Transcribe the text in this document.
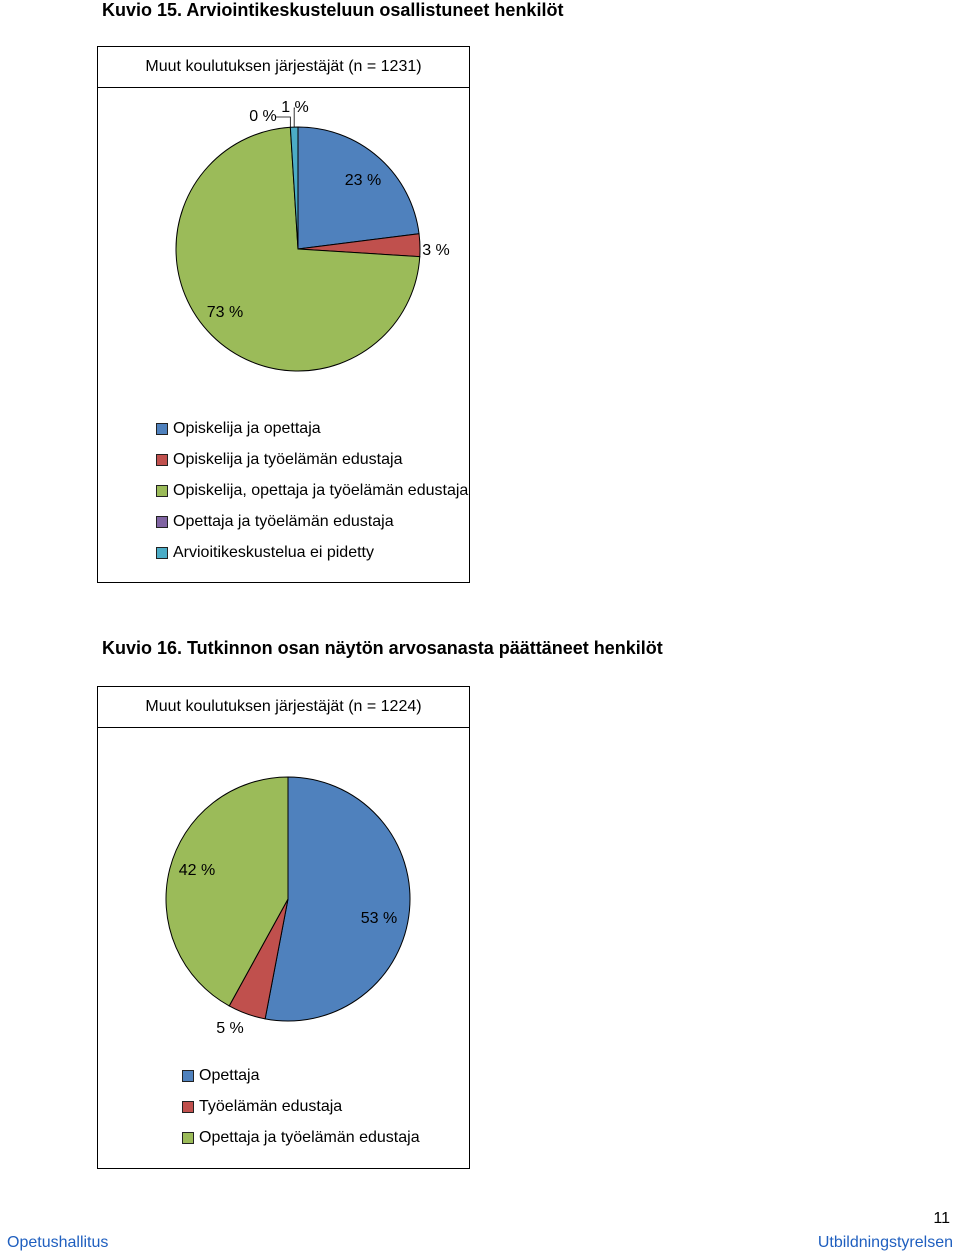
Kuvio 15. Arviointikeskusteluun osallistuneet henkilöt
Muut koulutuksen järjestäjät (n = 1231)
23 %
3 %
73 %
0 %
1 %
Opiskelija ja opettaja
Opiskelija ja työelämän edustaja
Opiskelija, opettaja ja työelämän edustaja
Opettaja ja työelämän edustaja
Arvioitikeskustelua ei pidetty
Kuvio 16. Tutkinnon osan näytön arvosanasta päättäneet henkilöt
Muut koulutuksen järjestäjät (n = 1224)
53 %
5 %
42 %
Opettaja
Työelämän edustaja
Opettaja ja työelämän edustaja
11
Opetushallitus	Utbildningstyrelsen
